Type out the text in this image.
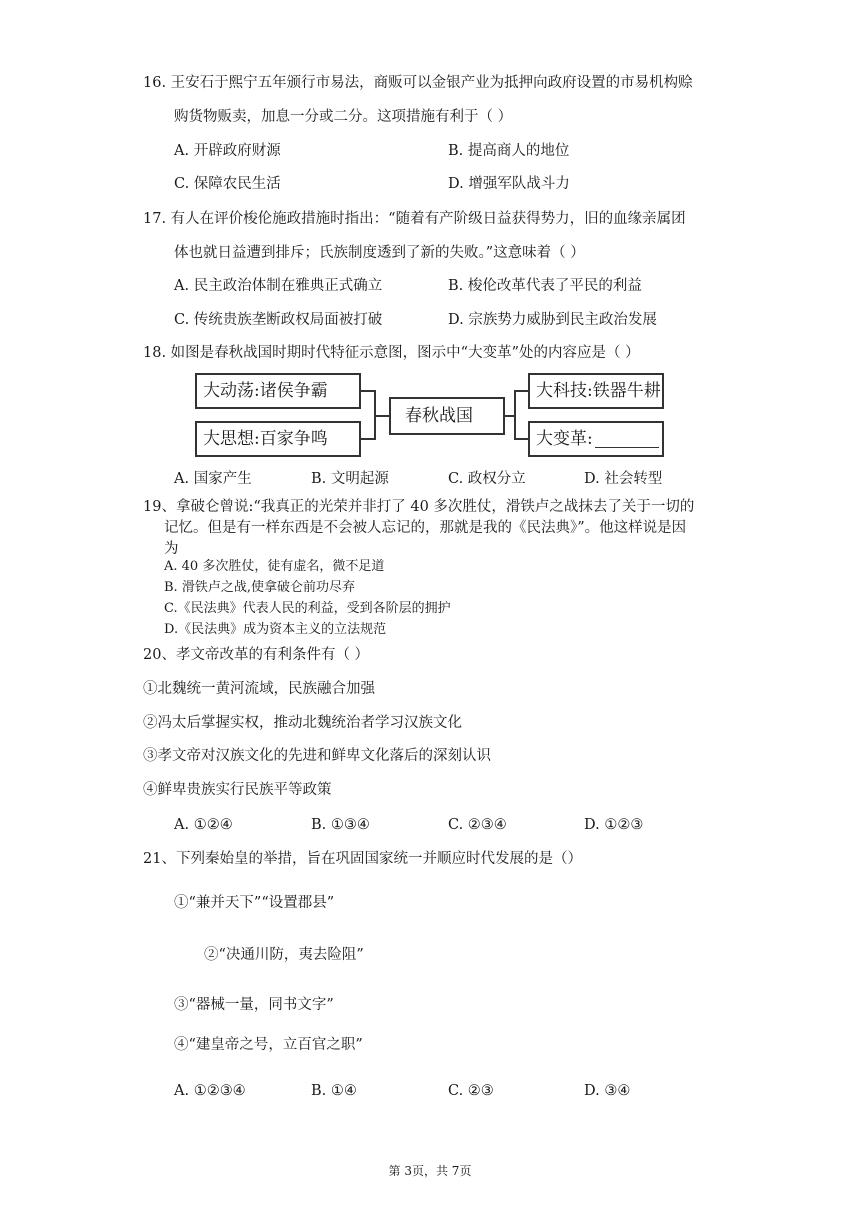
16. 王安石于熙宁五年颁行市易法，商贩可以金银产业为抵押向政府设置的市易机构赊
购货物贩卖，加息一分或二分。这项措施有利于（ ）
A. 开辟政府财源	B. 提高商人的地位
C. 保障农民生活	D. 增强军队战斗力
17. 有人在评价梭伦施政措施时指出：“随着有产阶级日益获得势力，旧的血缘亲属团
体也就日益遭到排斥；氏族制度透到了新的失败。”这意味着（ ）
A. 民主政治体制在雅典正式确立	B. 梭伦改革代表了平民的利益
C. 传统贵族垄断政权局面被打破	D. 宗族势力威胁到民主政治发展
18. 如图是春秋战国时期时代特征示意图，图示中“大变革”处的内容应是（ ）
大动荡:诸侯争霸
大思想:百家争鸣
春秋战国
大科技:铁器牛耕
大变革:
A. 国家产生	B. 文明起源	C. 政权分立	D. 社会转型
19、拿破仑曾说:“我真正的光荣并非打了 40 多次胜仗，滑铁卢之战抹去了关于一切的
记忆。但是有一样东西是不会被人忘记的，那就是我的《民法典》”。他这样说是因
为
A. 40 多次胜仗，徒有虚名，微不足道
B. 滑铁卢之战,使拿破仑前功尽弃
C.《民法典》代表人民的利益，受到各阶层的拥护
D.《民法典》成为资本主义的立法规范
20、孝文帝改革的有利条件有（ ）
①北魏统一黄河流域，民族融合加强
②冯太后掌握实权，推动北魏统治者学习汉族文化
③孝文帝对汉族文化的先进和鲜卑文化落后的深刻认识
④鲜卑贵族实行民族平等政策
A. ①②④	B. ①③④	C. ②③④	D. ①②③
21、下列秦始皇的举措，旨在巩固国家统一并顺应时代发展的是（）
①“兼并天下”“设置郡县”
②“决通川防，夷去险阻”
③“器械一量，同书文字”
④“建皇帝之号，立百官之职”
A. ①②③④	B. ①④	C. ②③	D. ③④
第 3页，共 7页
